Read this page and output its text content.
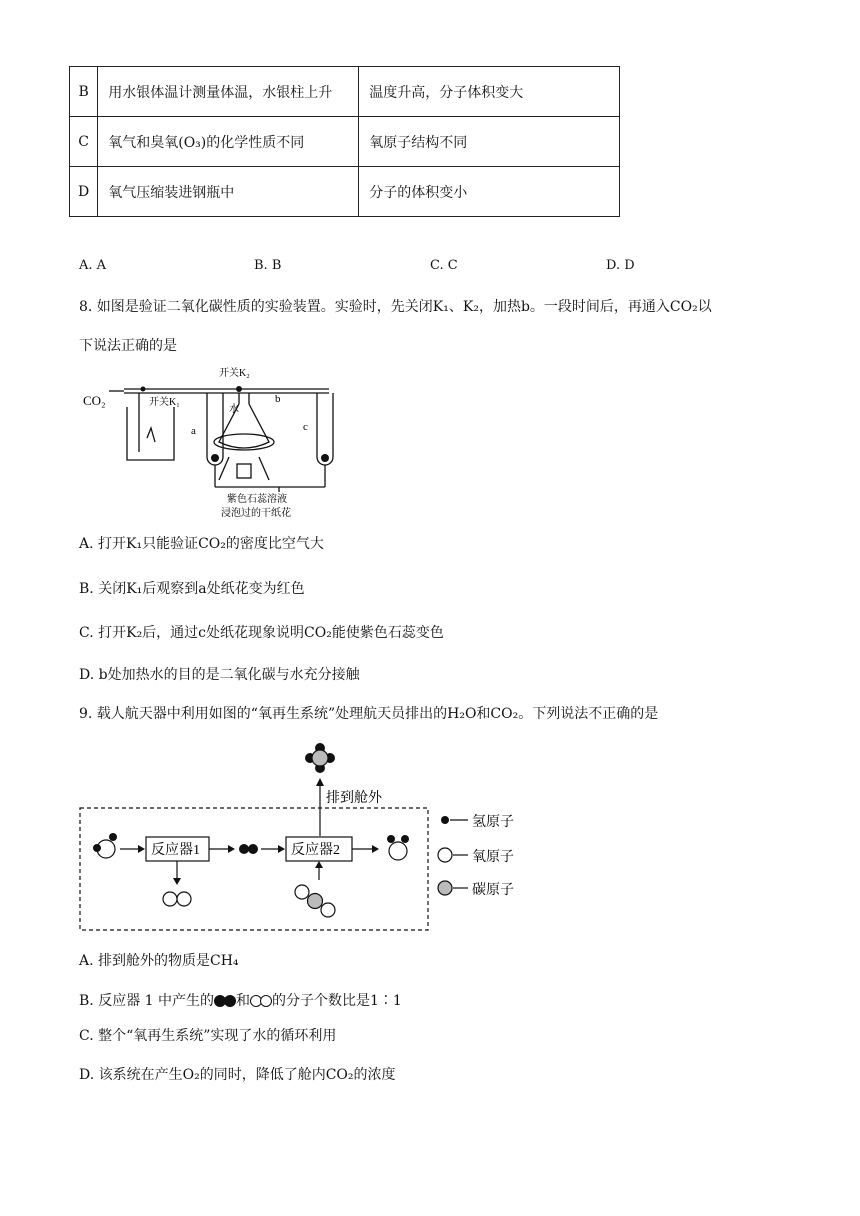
B	用水银体温计测量体温，水银柱上升	温度升高，分子体积变大
C	氧气和臭氧(O₃)的化学性质不同	氧原子结构不同
D	氧气压缩装进钢瓶中	分子的体积变小
A. A	B. B	C. C	D. D
8. 如图是验证二氧化碳性质的实验装置。实验时，先关闭K₁、K₂，加热b。一段时间后，再通入CO₂以
下说法正确的是
CO₂	开关K₁
开关K₂
水
a
b
c
紫色石蕊溶液
浸泡过的干纸花
A. 打开K₁只能验证CO₂的密度比空气大
B. 关闭K₁后观察到a处纸花变为红色
C. 打开K₂后，通过c处纸花现象说明CO₂能使紫色石蕊变色
D. b处加热水的目的是二氧化碳与水充分接触
9. 载人航天器中利用如图的“氧再生系统”处理航天员排出的H₂O和CO₂。下列说法不正确的是
排到舱外
反应器1	反应器2
氢原子
氧原子
碳原子
A. 排到舱外的物质是CH₄
B. 反应器 1 中产生的 和 的分子个数比是1∶1
C. 整个“氧再生系统”实现了水的循环利用
D. 该系统在产生O₂的同时，降低了舱内CO₂的浓度
